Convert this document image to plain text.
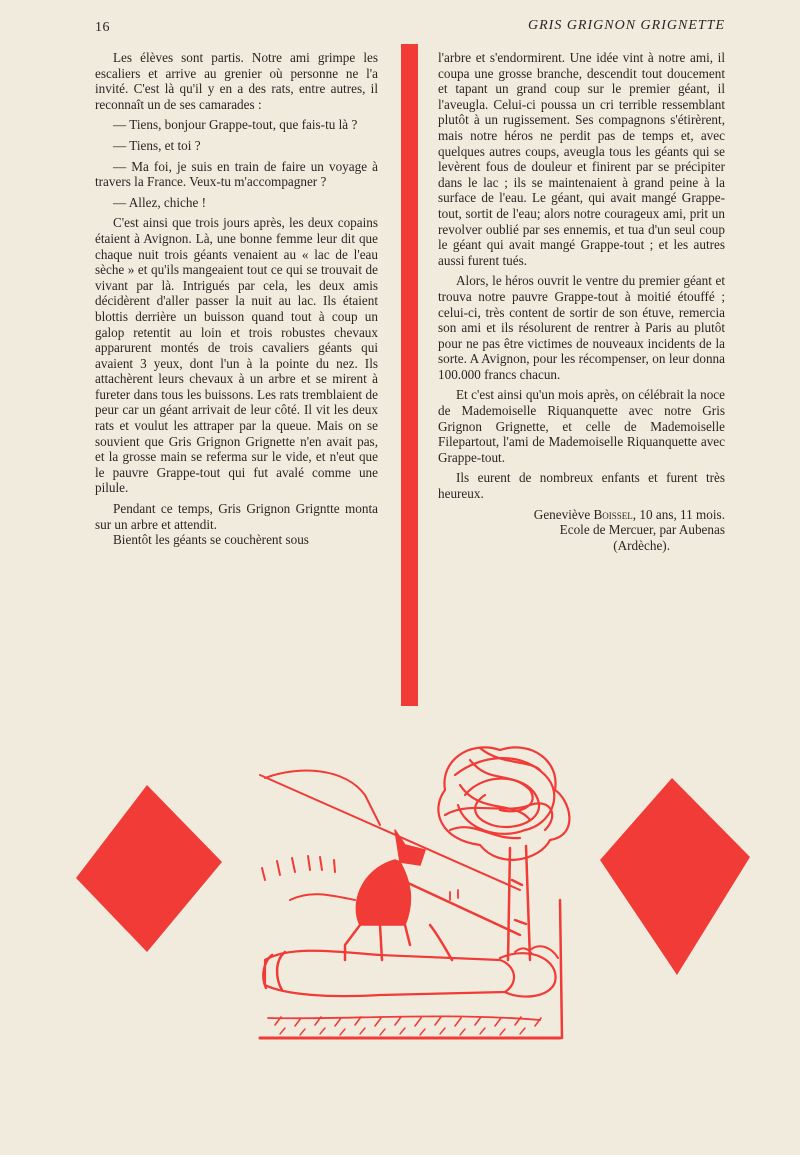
16	GRIS GRIGNON GRIGNETTE

Les élèves sont partis. Notre ami grimpe les escaliers et arrive au grenier où personne ne l'a invité. C'est là qu'il y en a des rats, entre autres, il reconnaît un de ses camarades :

— Tiens, bonjour Grappe-tout, que fais-tu là ?

— Tiens, et toi ?

— Ma foi, je suis en train de faire un voyage à travers la France. Veux-tu m'accompagner ?

— Allez, chiche !

C'est ainsi que trois jours après, les deux copains étaient à Avignon. Là, une bonne femme leur dit que chaque nuit trois géants venaient au « lac de l'eau sèche » et qu'ils mangeaient tout ce qui se trouvait de vivant par là. Intrigués par cela, les deux amis décidèrent d'aller passer la nuit au lac. Ils étaient blottis derrière un buisson quand tout à coup un galop retentit au loin et trois robustes chevaux apparurent montés de trois cavaliers géants qui avaient 3 yeux, dont l'un à la pointe du nez. Ils attachèrent leurs chevaux à un arbre et se mirent à fureter dans tous les buissons. Les rats tremblaient de peur car un géant arrivait de leur côté. Il vit les deux rats et voulut les attraper par la queue. Mais on se souvient que Gris Grignon Grignette n'en avait pas, et la grosse main se referma sur le vide, et n'eut que le pauvre Grappe-tout qui fut avalé comme une pilule.

Pendant ce temps, Gris Grignon Grigntte monta sur un arbre et attendit.

Bientôt les géants se couchèrent sous

l'arbre et s'endormirent. Une idée vint à notre ami, il coupa une grosse branche, descendit tout doucement et tapant un grand coup sur le premier géant, il l'aveugla. Celui-ci poussa un cri terrible ressemblant plutôt à un rugissement. Ses compagnons s'étirèrent, mais notre héros ne perdit pas de temps et, avec quelques autres coups, aveugla tous les géants qui se levèrent fous de douleur et finirent par se précipiter dans le lac ; ils se maintenaient à grand peine à la surface de l'eau. Le géant, qui avait mangé Grappe-tout, sortit de l'eau; alors notre courageux ami, prit un revolver oublié par ses ennemis, et tua d'un seul coup le géant qui avait mangé Grappe-tout ; et les autres aussi furent tués.

Alors, le héros ouvrit le ventre du premier géant et trouva notre pauvre Grappe-tout à moitié étouffé ; celui-ci, très content de sortir de son étuve, remercia son ami et ils résolurent de rentrer à Paris au plutôt pour ne pas être victimes de nouveaux incidents de la sorte. A Avignon, pour les récompenser, on leur donna 100.000 francs chacun.

Et c'est ainsi qu'un mois après, on célébrait la noce de Mademoiselle Riquanquette avec notre Gris Grignon Grignette, et celle de Mademoiselle Filepartout, l'ami de Mademoiselle Riquanquette avec Grappe-tout.

Ils eurent de nombreux enfants et furent très heureux.

Geneviève Boissel, 10 ans, 11 mois.
Ecole de Mercuer, par Aubenas
(Ardèche).
